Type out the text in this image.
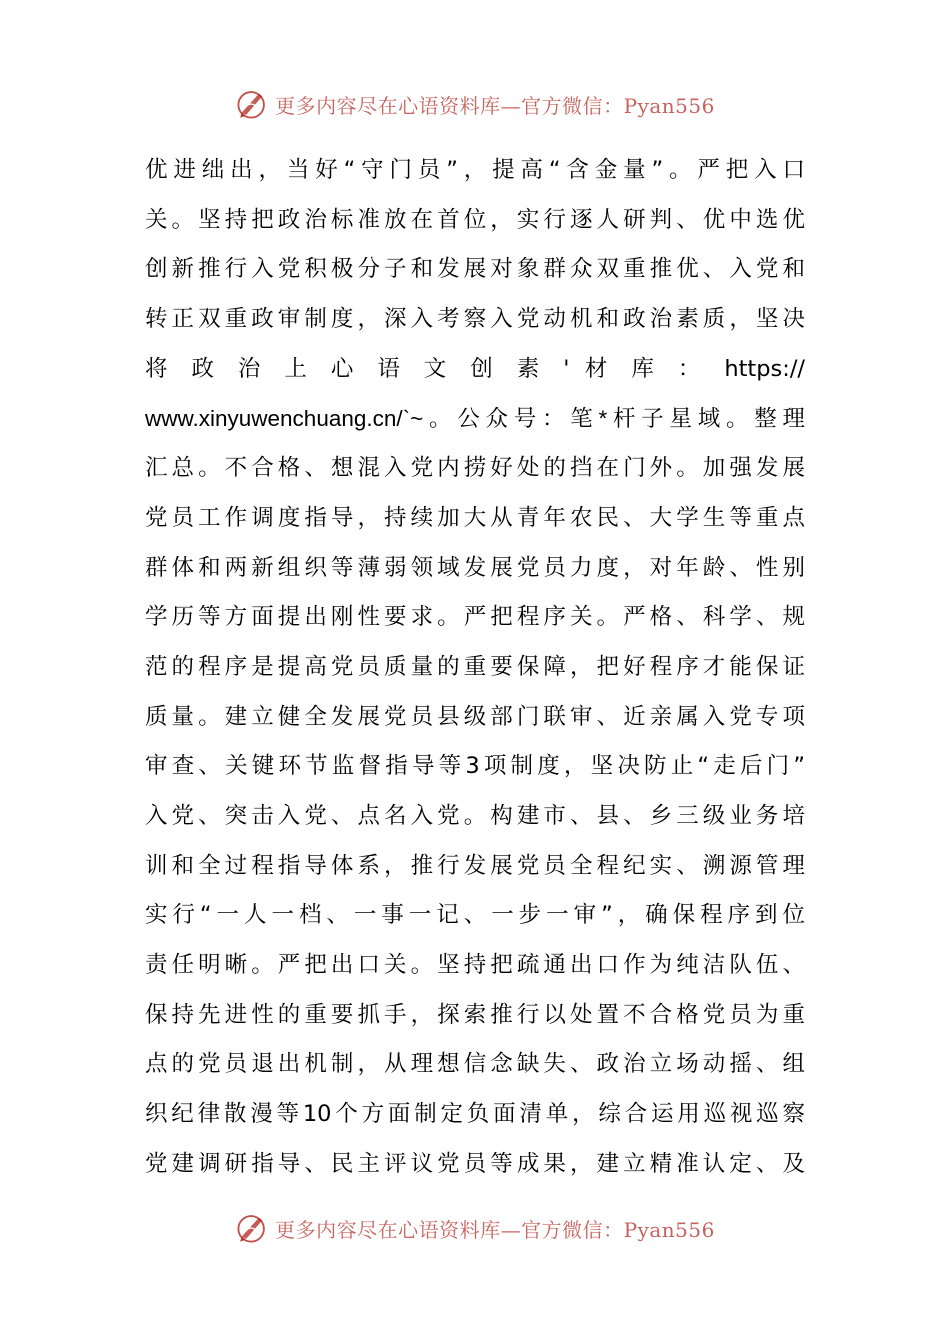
更多内容尽在心语资料库—官方微信：Pyan556
优进绌出，当好“守门员”，提高“含金量”。严把入口
关。坚持把政治标准放在首位，实行逐人研判、优中选优
创新推行入党积极分子和发展对象群众双重推优、入党和
转正双重政审制度，深入考察入党动机和政治素质，坚决
将 政 治 上 心 语 文 创 素 ' 材 库 ： https://
www.xinyuwenchuang.cn/`~。公众号：笔*杆子星域。整理
汇总。不合格、想混入党内捞好处的挡在门外。加强发展
党员工作调度指导，持续加大从青年农民、大学生等重点
群体和两新组织等薄弱领域发展党员力度，对年龄、性别
学历等方面提出刚性要求。严把程序关。严格、科学、规
范的程序是提高党员质量的重要保障，把好程序才能保证
质量。建立健全发展党员县级部门联审、近亲属入党专项
审查、关键环节监督指导等3项制度，坚决防止“走后门”
入党、突击入党、点名入党。构建市、县、乡三级业务培
训和全过程指导体系，推行发展党员全程纪实、溯源管理
实行“一人一档、一事一记、一步一审”，确保程序到位
责任明晰。严把出口关。坚持把疏通出口作为纯洁队伍、
保持先进性的重要抓手，探索推行以处置不合格党员为重
点的党员退出机制，从理想信念缺失、政治立场动摇、组
织纪律散漫等10个方面制定负面清单，综合运用巡视巡察
党建调研指导、民主评议党员等成果，建立精准认定、及
更多内容尽在心语资料库—官方微信：Pyan556
